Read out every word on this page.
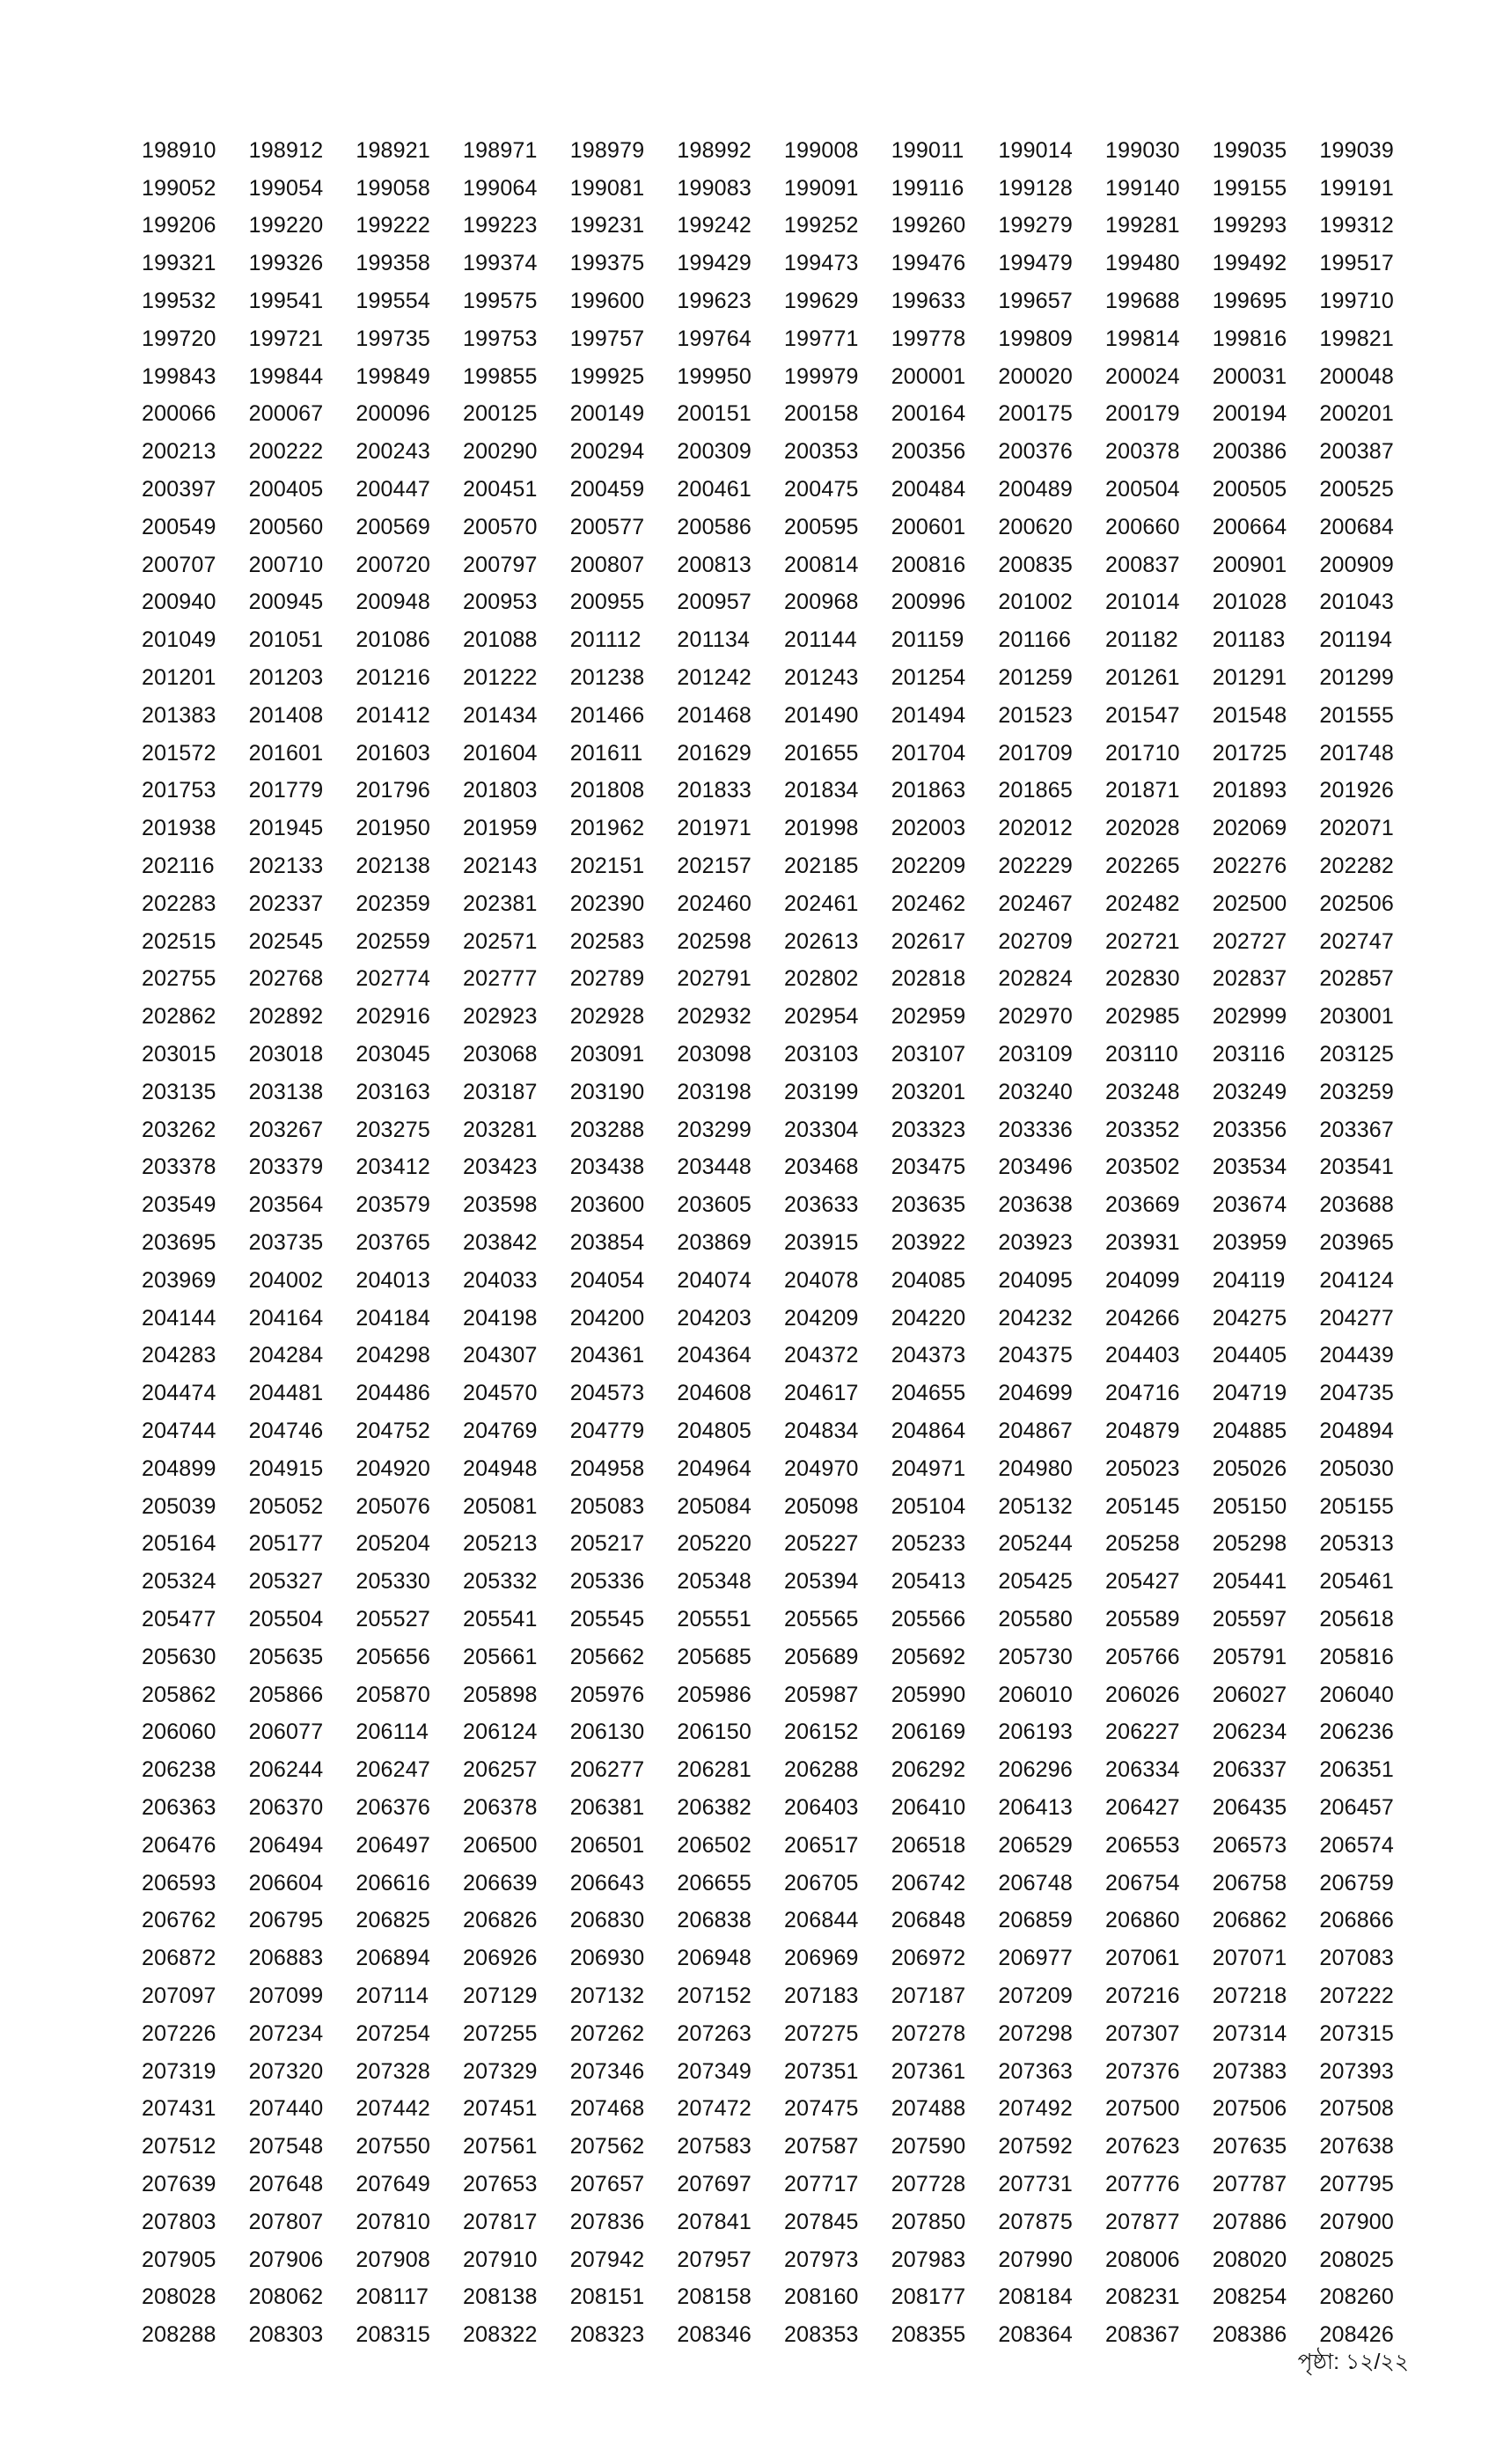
198910	198912	198921	198971	198979	198992	199008	199011	199014	199030	199035	199039
199052	199054	199058	199064	199081	199083	199091	199116	199128	199140	199155	199191
199206	199220	199222	199223	199231	199242	199252	199260	199279	199281	199293	199312
199321	199326	199358	199374	199375	199429	199473	199476	199479	199480	199492	199517
199532	199541	199554	199575	199600	199623	199629	199633	199657	199688	199695	199710
199720	199721	199735	199753	199757	199764	199771	199778	199809	199814	199816	199821
199843	199844	199849	199855	199925	199950	199979	200001	200020	200024	200031	200048
200066	200067	200096	200125	200149	200151	200158	200164	200175	200179	200194	200201
200213	200222	200243	200290	200294	200309	200353	200356	200376	200378	200386	200387
200397	200405	200447	200451	200459	200461	200475	200484	200489	200504	200505	200525
200549	200560	200569	200570	200577	200586	200595	200601	200620	200660	200664	200684
200707	200710	200720	200797	200807	200813	200814	200816	200835	200837	200901	200909
200940	200945	200948	200953	200955	200957	200968	200996	201002	201014	201028	201043
201049	201051	201086	201088	201112	201134	201144	201159	201166	201182	201183	201194
201201	201203	201216	201222	201238	201242	201243	201254	201259	201261	201291	201299
201383	201408	201412	201434	201466	201468	201490	201494	201523	201547	201548	201555
201572	201601	201603	201604	201611	201629	201655	201704	201709	201710	201725	201748
201753	201779	201796	201803	201808	201833	201834	201863	201865	201871	201893	201926
201938	201945	201950	201959	201962	201971	201998	202003	202012	202028	202069	202071
202116	202133	202138	202143	202151	202157	202185	202209	202229	202265	202276	202282
202283	202337	202359	202381	202390	202460	202461	202462	202467	202482	202500	202506
202515	202545	202559	202571	202583	202598	202613	202617	202709	202721	202727	202747
202755	202768	202774	202777	202789	202791	202802	202818	202824	202830	202837	202857
202862	202892	202916	202923	202928	202932	202954	202959	202970	202985	202999	203001
203015	203018	203045	203068	203091	203098	203103	203107	203109	203110	203116	203125
203135	203138	203163	203187	203190	203198	203199	203201	203240	203248	203249	203259
203262	203267	203275	203281	203288	203299	203304	203323	203336	203352	203356	203367
203378	203379	203412	203423	203438	203448	203468	203475	203496	203502	203534	203541
203549	203564	203579	203598	203600	203605	203633	203635	203638	203669	203674	203688
203695	203735	203765	203842	203854	203869	203915	203922	203923	203931	203959	203965
203969	204002	204013	204033	204054	204074	204078	204085	204095	204099	204119	204124
204144	204164	204184	204198	204200	204203	204209	204220	204232	204266	204275	204277
204283	204284	204298	204307	204361	204364	204372	204373	204375	204403	204405	204439
204474	204481	204486	204570	204573	204608	204617	204655	204699	204716	204719	204735
204744	204746	204752	204769	204779	204805	204834	204864	204867	204879	204885	204894
204899	204915	204920	204948	204958	204964	204970	204971	204980	205023	205026	205030
205039	205052	205076	205081	205083	205084	205098	205104	205132	205145	205150	205155
205164	205177	205204	205213	205217	205220	205227	205233	205244	205258	205298	205313
205324	205327	205330	205332	205336	205348	205394	205413	205425	205427	205441	205461
205477	205504	205527	205541	205545	205551	205565	205566	205580	205589	205597	205618
205630	205635	205656	205661	205662	205685	205689	205692	205730	205766	205791	205816
205862	205866	205870	205898	205976	205986	205987	205990	206010	206026	206027	206040
206060	206077	206114	206124	206130	206150	206152	206169	206193	206227	206234	206236
206238	206244	206247	206257	206277	206281	206288	206292	206296	206334	206337	206351
206363	206370	206376	206378	206381	206382	206403	206410	206413	206427	206435	206457
206476	206494	206497	206500	206501	206502	206517	206518	206529	206553	206573	206574
206593	206604	206616	206639	206643	206655	206705	206742	206748	206754	206758	206759
206762	206795	206825	206826	206830	206838	206844	206848	206859	206860	206862	206866
206872	206883	206894	206926	206930	206948	206969	206972	206977	207061	207071	207083
207097	207099	207114	207129	207132	207152	207183	207187	207209	207216	207218	207222
207226	207234	207254	207255	207262	207263	207275	207278	207298	207307	207314	207315
207319	207320	207328	207329	207346	207349	207351	207361	207363	207376	207383	207393
207431	207440	207442	207451	207468	207472	207475	207488	207492	207500	207506	207508
207512	207548	207550	207561	207562	207583	207587	207590	207592	207623	207635	207638
207639	207648	207649	207653	207657	207697	207717	207728	207731	207776	207787	207795
207803	207807	207810	207817	207836	207841	207845	207850	207875	207877	207886	207900
207905	207906	207908	207910	207942	207957	207973	207983	207990	208006	208020	208025
208028	208062	208117	208138	208151	208158	208160	208177	208184	208231	208254	208260
208288	208303	208315	208322	208323	208346	208353	208355	208364	208367	208386	208426
পৃষ্ঠা: ১২/২২
